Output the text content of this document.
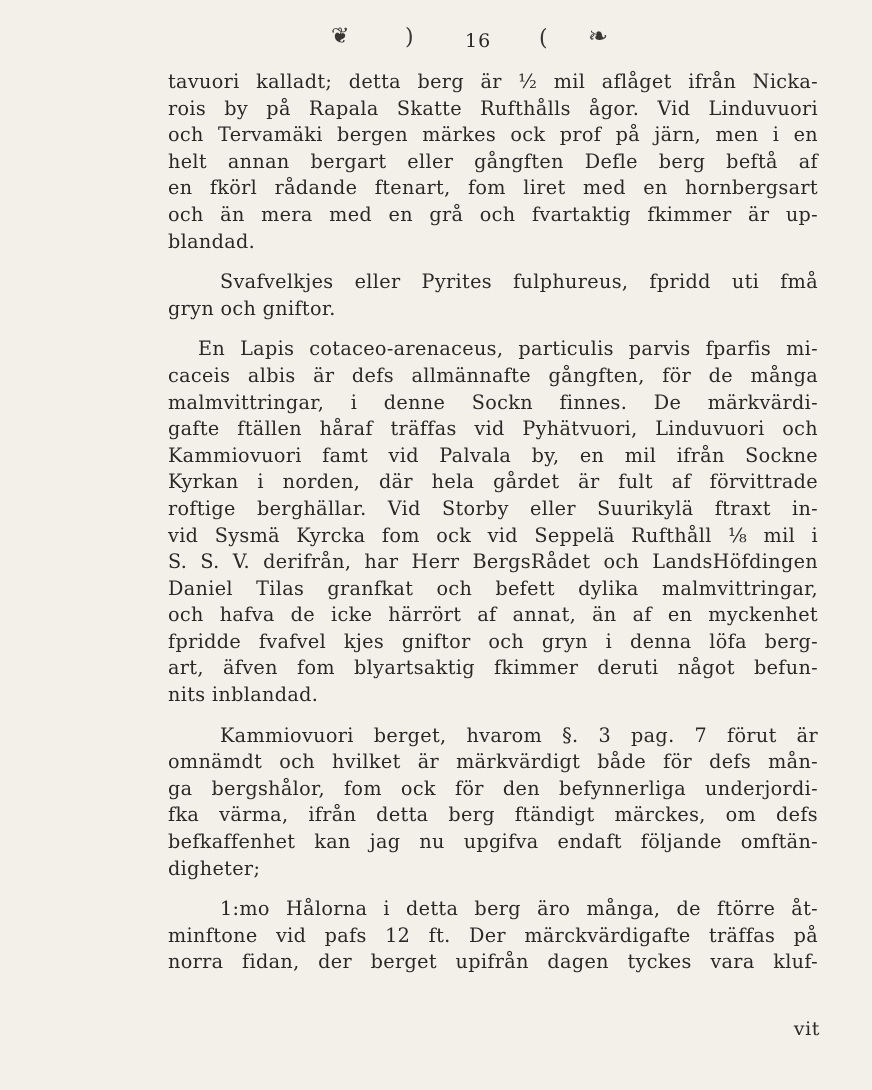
❦	)	16 ( ❧
tavuori kalladt; detta berg är ½ mil aflåget ifrån Nicka-
rois by på Rapala Skatte Rufthålls ågor. Vid Linduvuori
och Tervamäki bergen märkes ock prof på järn, men i en
helt annan bergart eller gångften Defle berg beftå af
en fkörl rådande ftenart, fom liret med en hornbergsart
och än mera med en grå och fvartaktig fkimmer är up-
blandad.
Svafvelkjes eller Pyrites fulphureus, fpridd uti fmå
gryn och gniftor.
En Lapis cotaceo-arenaceus, particulis parvis fparfis mi-
caceis albis är defs allmännafte gångften, för de många
malmvittringar, i denne Sockn finnes. De märkvärdi-
gafte ftällen håraf träffas vid Pyhätvuori, Linduvuori och
Kammiovuori famt vid Palvala by, en mil ifrån Sockne
Kyrkan i norden, där hela gårdet är fult af förvittrade
roftige berghällar. Vid Storby eller Suurikylä ftraxt in-
vid Sysmä Kyrcka fom ock vid Seppelä Rufthåll ⅛ mil i
S. S. V. derifrån, har Herr BergsRådet och LandsHöfdingen
Daniel Tilas granfkat och befett dylika malmvittringar,
och hafva de icke härrört af annat, än af en myckenhet
fpridde fvafvel kjes gniftor och gryn i denna löfa berg-
art, äfven fom blyartsaktig fkimmer deruti något befun-
nits inblandad.
Kammiovuori berget, hvarom §. 3 pag. 7 förut är
omnämdt och hvilket är märkvärdigt både för defs mån-
ga bergshålor, fom ock för den befynnerliga underjordi-
fka värma, ifrån detta berg ftändigt märckes, om defs
befkaffenhet kan jag nu upgifva endaft följande omftän-
digheter;
1:mo Hålorna i detta berg äro många, de ftörre åt-
minftone vid pafs 12 ft. Der märckvärdigafte träffas på
norra fidan, der berget upifrån dagen tyckes vara kluf-
vit
